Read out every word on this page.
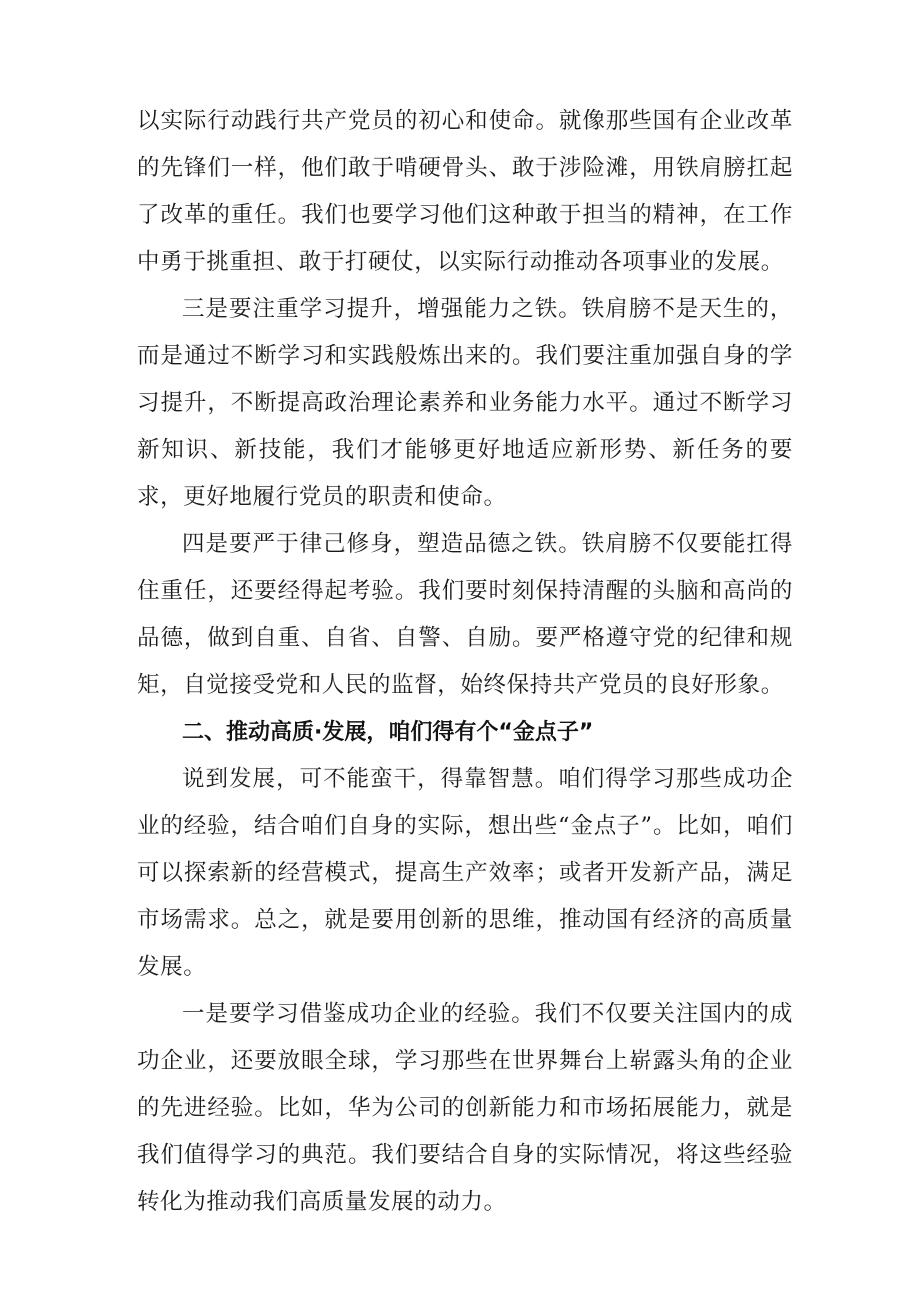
以实际行动践行共产党员的初心和使命。就像那些国有企业改革的先锋们一样，他们敢于啃硬骨头、敢于涉险滩，用铁肩膀扛起了改革的重任。我们也要学习他们这种敢于担当的精神，在工作中勇于挑重担、敢于打硬仗，以实际行动推动各项事业的发展。

三是要注重学习提升，增强能力之铁。铁肩膀不是天生的，而是通过不断学习和实践般炼出来的。我们要注重加强自身的学习提升，不断提高政治理论素养和业务能力水平。通过不断学习新知识、新技能，我们才能够更好地适应新形势、新任务的要求，更好地履行党员的职责和使命。

四是要严于律己修身，塑造品德之铁。铁肩膀不仅要能扛得住重任，还要经得起考验。我们要时刻保持清醒的头脑和高尚的品德，做到自重、自省、自警、自励。要严格遵守党的纪律和规矩，自觉接受党和人民的监督，始终保持共产党员的良好形象。

二、推动高质·发展，咱们得有个“金点子”

说到发展，可不能蛮干，得靠智慧。咱们得学习那些成功企业的经验，结合咱们自身的实际，想出些“金点子”。比如，咱们可以探索新的经营模式，提高生产效率；或者开发新产品，满足市场需求。总之，就是要用创新的思维，推动国有经济的高质量发展。

一是要学习借鉴成功企业的经验。我们不仅要关注国内的成功企业，还要放眼全球，学习那些在世界舞台上崭露头角的企业的先进经验。比如，华为公司的创新能力和市场拓展能力，就是我们值得学习的典范。我们要结合自身的实际情况，将这些经验转化为推动我们高质量发展的动力。
